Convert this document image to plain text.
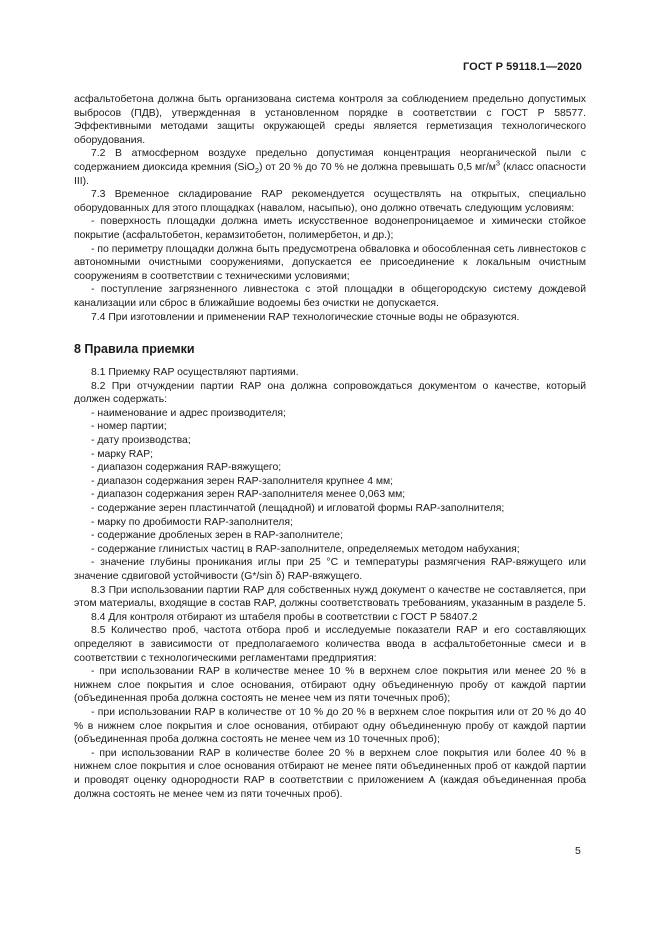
ГОСТ Р 59118.1—2020

асфальтобетона должна быть организована система контроля за соблюдением предельно допустимых выбросов (ПДВ), утвержденная в установленном порядке в соответствии с ГОСТ Р 58577. Эффективными методами защиты окружающей среды является герметизация технологического оборудования.

7.2 В атмосферном воздухе предельно допустимая концентрация неорганической пыли с содержанием диоксида кремния (SiO$_2$) от 20 % до 70 % не должна превышать 0,5 $мг/м^3$ (класс опасности III).

7.3 Временное складирование RAP рекомендуется осуществлять на открытых, специально оборудованных для этого площадках (навалом, насыпью), оно должно отвечать следующим условиям:

- поверхность площадки должна иметь искусственное водонепроницаемое и химически стойкое покрытие (асфальтобетон, керамзитобетон, полимербетон, и др.);

- по периметру площадки должна быть предусмотрена обваловка и обособленная сеть ливнестоков с автономными очистными сооружениями, допускается ее присоединение к локальным очистным сооружениям в соответствии с техническими условиями;

- поступление загрязненного ливнестока с этой площадки в общегородскую систему дождевой канализации или сброс в ближайшие водоемы без очистки не допускается.

7.4 При изготовлении и применении RAP технологические сточные воды не образуются.

8 Правила приемки

8.1 Приемку RAP осуществляют партиями.

8.2 При отчуждении партии RAP она должна сопровождаться документом о качестве, который должен содержать:

- наименование и адрес производителя;

- номер партии;

- дату производства;

- марку RAP;

- диапазон содержания RAP-вяжущего;

- диапазон содержания зерен RAP-заполнителя крупнее 4 мм;

- диапазон содержания зерен RAP-заполнителя менее 0,063 мм;

- содержание зерен пластинчатой (лещадной) и игловатой формы RAP-заполнителя;

- марку по дробимости RAP-заполнителя;

- содержание дробленых зерен в RAP-заполнителе;

- содержание глинистых частиц в RAP-заполнителе, определяемых методом набухания;

- значение глубины проникания иглы при 25 °С и температуры размягчения RAP-вяжущего или значение сдвиговой устойчивости (G*/sin δ) RAP-вяжущего.

8.3 При использовании партии RAP для собственных нужд документ о качестве не составляется, при этом материалы, входящие в состав RAP, должны соответствовать требованиям, указанным в разделе 5.

8.4 Для контроля отбирают из штабеля пробы в соответствии с ГОСТ Р 58407.2

8.5 Количество проб, частота отбора проб и исследуемые показатели RAP и его составляющих определяют в зависимости от предполагаемого количества ввода в асфальтобетонные смеси и в соответствии с технологическими регламентами предприятия:

- при использовании RAP в количестве менее 10 % в верхнем слое покрытия или менее 20 % в нижнем слое покрытия и слое основания, отбирают одну объединенную пробу от каждой партии (объединенная проба должна состоять не менее чем из пяти точечных проб);

- при использовании RAP в количестве от 10 % до 20 % в верхнем слое покрытия или от 20 % до 40 % в нижнем слое покрытия и слое основания, отбирают одну объединенную пробу от каждой партии (объединенная проба должна состоять не менее чем из 10 точечных проб);

- при использовании RAP в количестве более 20 % в верхнем слое покрытия или более 40 % в нижнем слое покрытия и слое основания отбирают не менее пяти объединенных проб от каждой партии и проводят оценку однородности RAP в соответствии с приложением А (каждая объединенная проба должна состоять не менее чем из пяти точечных проб).

5
